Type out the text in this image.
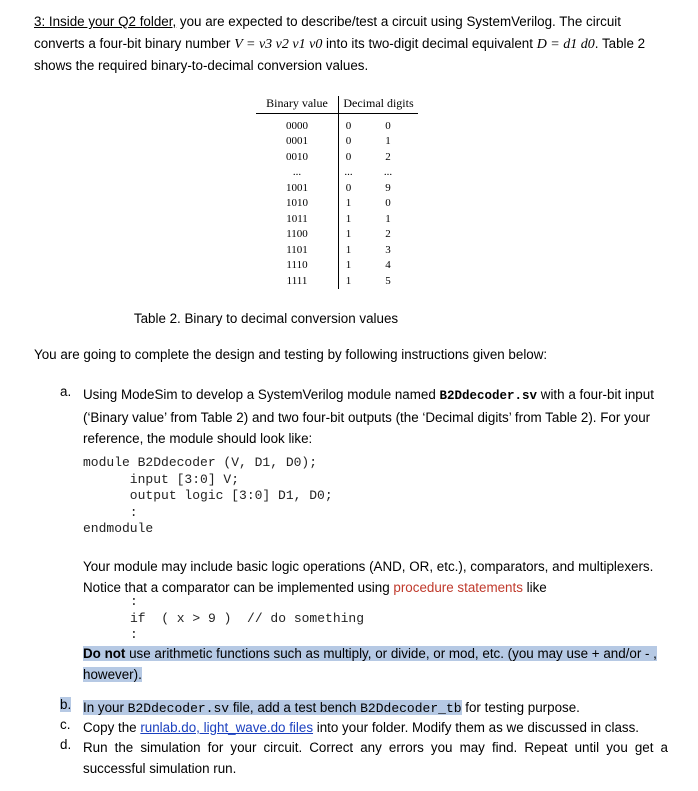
3: Inside your Q2 folder, you are expected to describe/test a circuit using SystemVerilog. The circuit converts a four-bit binary number V = v3 v2 v1 v0 into its two-digit decimal equivalent D = d1 d0. Table 2 shows the required binary-to-decimal conversion values.
Binary value	Decimal digits	
0000	0	0
0001	0	1
0010	0	2
...	...	...
1001	0	9
1010	1	0
1011	1	1
1100	1	2
1101	1	3
1110	1	4
1111	1	5
Table 2. Binary to decimal conversion values
You are going to complete the design and testing by following instructions given below:
a. Using ModeSim to develop a SystemVerilog module named B2Ddecoder.sv with a four-bit input (‘Binary value’ from Table 2) and two four-bit outputs (the ‘Decimal digits’ from Table 2). For your reference, the module should look like:
module B2Ddecoder (V, D1, D0);
input [3:0] V;
output logic [3:0] D1, D0;
:
endmodule
Your module may include basic logic operations (AND, OR, etc.), comparators, and multiplexers. Notice that a comparator can be implemented using procedure statements like
:
if  ( x > 9 )  // do something
:
Do not use arithmetic functions such as multiply, or divide, or mod, etc. (you may use + and/or - , however).
b. In your B2Ddecoder.sv file, add a test bench B2Ddecoder_tb for testing purpose.
c. Copy the runlab.do, light_wave.do files into your folder. Modify them as we discussed in class.
d. Run the simulation for your circuit. Correct any errors you may find. Repeat until you get a successful simulation run.
